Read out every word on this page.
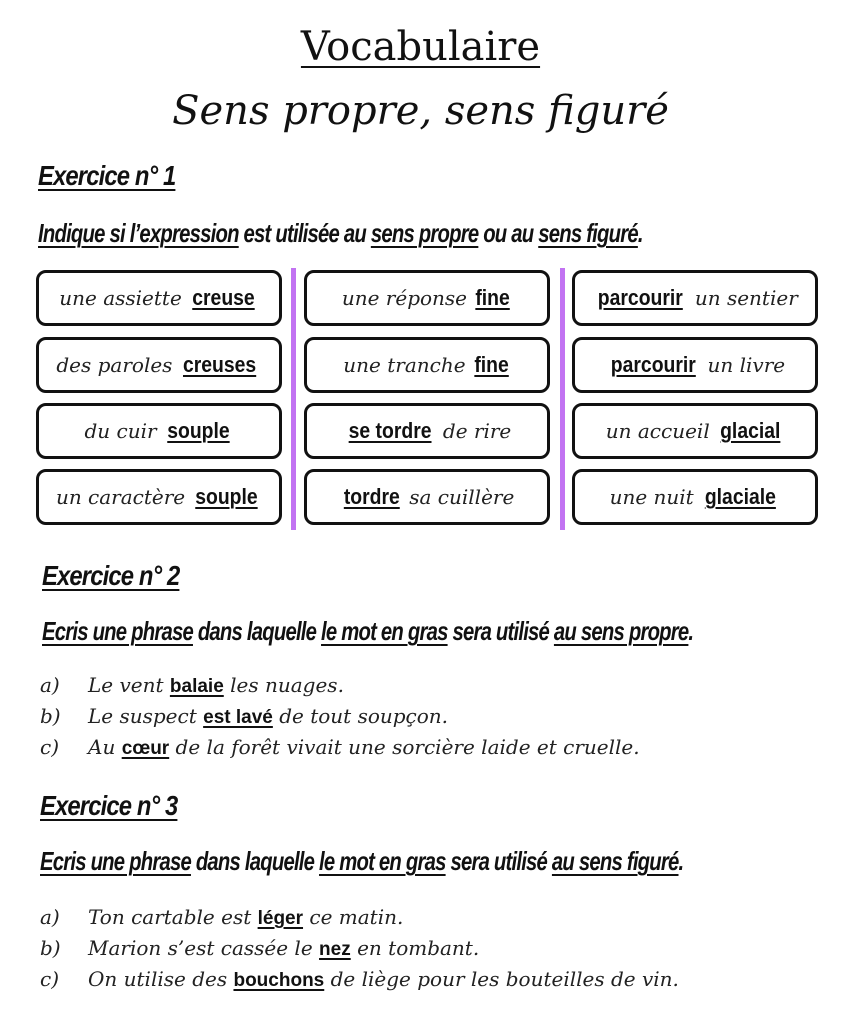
Vocabulaire
Sens propre, sens figuré
Exercice n° 1
Indique si l’expression est utilisée au sens propre ou au sens figuré.
une assiette creuse
des paroles creuses
du cuir souple
un caractère souple
une réponse fine
une tranche fine
se tordre de rire
tordre sa cuillère
parcourir un sentier
parcourir un livre
un accueil glacial
une nuit glaciale
Exercice n° 2
Ecris une phrase dans laquelle le mot en gras sera utilisé au sens propre.
a) Le vent balaie les nuages.
b) Le suspect est lavé de tout soupçon.
c) Au cœur de la forêt vivait une sorcière laide et cruelle.
Exercice n° 3
Ecris une phrase dans laquelle le mot en gras sera utilisé au sens figuré.
a) Ton cartable est léger ce matin.
b) Marion s’est cassée le nez en tombant.
c) On utilise des bouchons de liège pour les bouteilles de vin.
